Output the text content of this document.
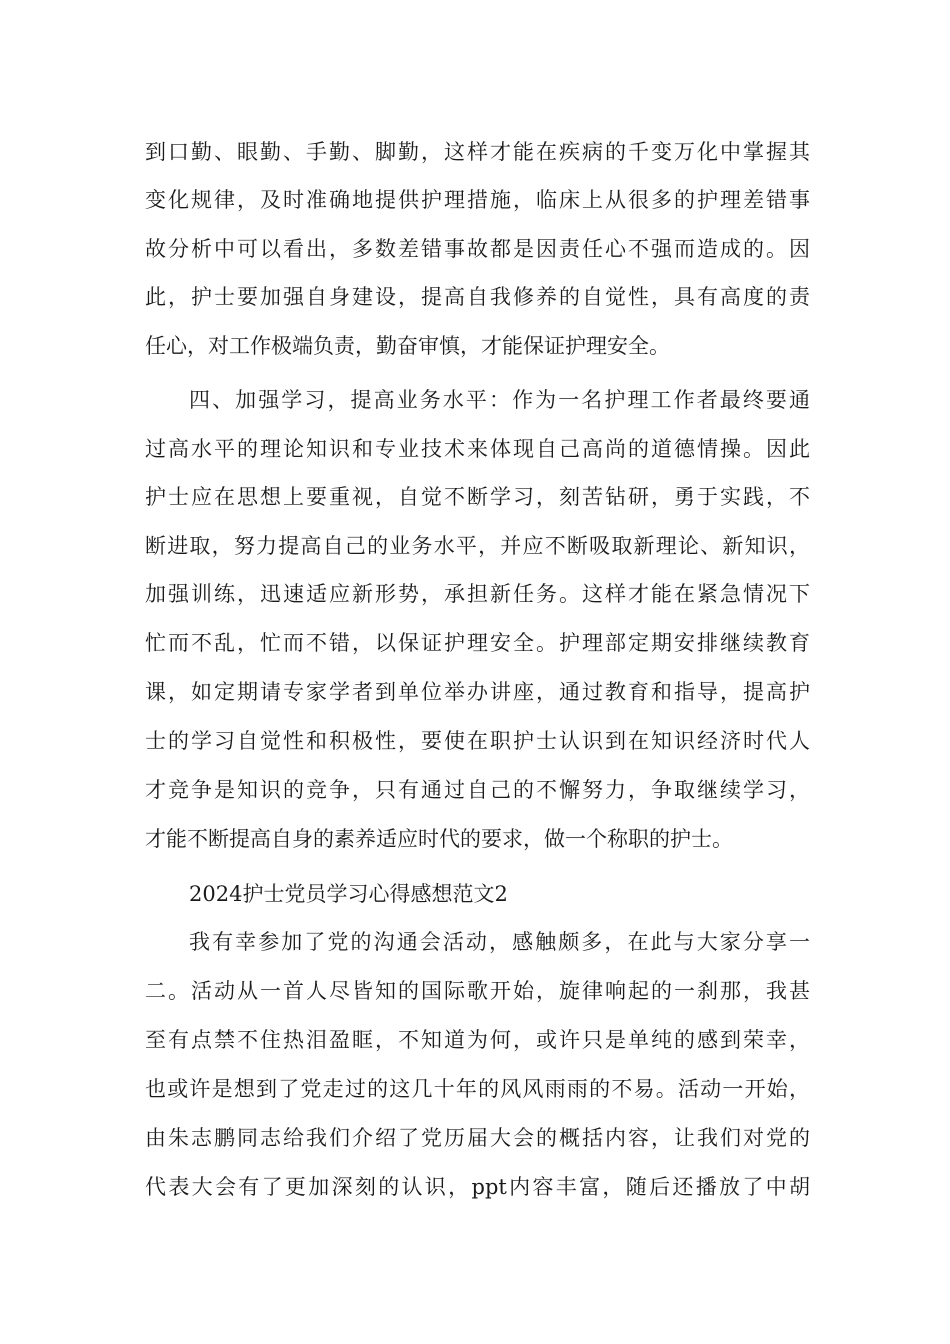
到口勤、眼勤、手勤、脚勤，这样才能在疾病的千变万化中掌握其
变化规律，及时准确地提供护理措施，临床上从很多的护理差错事
故分析中可以看出，多数差错事故都是因责任心不强而造成的。因
此，护士要加强自身建设，提高自我修养的自觉性，具有高度的责
任心，对工作极端负责，勤奋审慎，才能保证护理安全。
四、加强学习，提高业务水平：作为一名护理工作者最终要通
过高水平的理论知识和专业技术来体现自己高尚的道德情操。因此
护士应在思想上要重视，自觉不断学习，刻苦钻研，勇于实践，不
断进取，努力提高自己的业务水平，并应不断吸取新理论、新知识，
加强训练，迅速适应新形势，承担新任务。这样才能在紧急情况下
忙而不乱，忙而不错，以保证护理安全。护理部定期安排继续教育
课，如定期请专家学者到单位举办讲座，通过教育和指导，提高护
士的学习自觉性和积极性，要使在职护士认识到在知识经济时代人
才竞争是知识的竞争，只有通过自己的不懈努力，争取继续学习，
才能不断提高自身的素养适应时代的要求，做一个称职的护士。
2024护士党员学习心得感想范文2
我有幸参加了党的沟通会活动，感触颇多，在此与大家分享一
二。活动从一首人尽皆知的国际歌开始，旋律响起的一刹那，我甚
至有点禁不住热泪盈眶，不知道为何，或许只是单纯的感到荣幸，
也或许是想到了党走过的这几十年的风风雨雨的不易。活动一开始，
由朱志鹏同志给我们介绍了党历届大会的概括内容，让我们对党的
代表大会有了更加深刻的认识，ppt内容丰富，随后还播放了中胡
